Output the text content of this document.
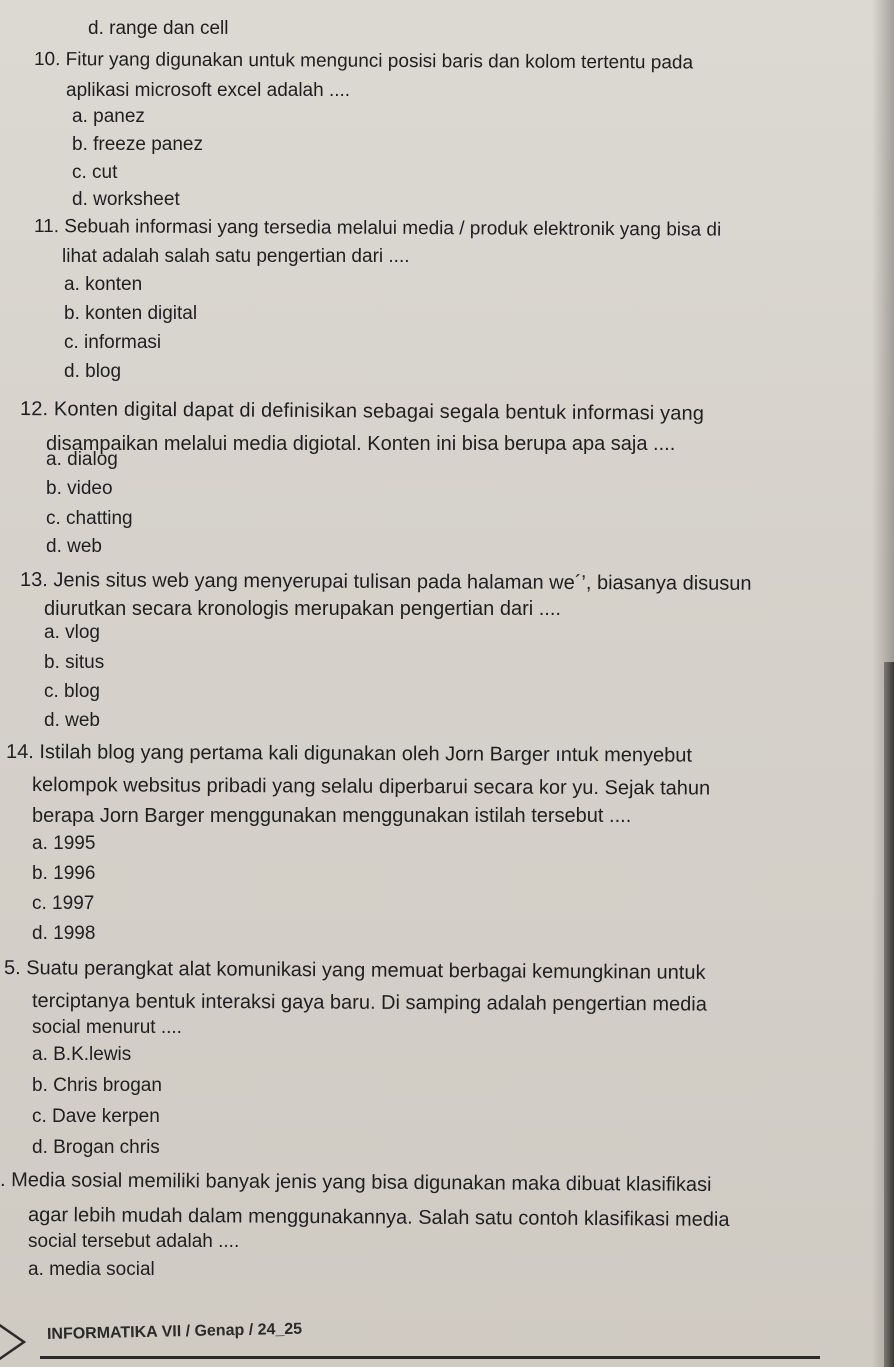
d. range dan cell
10. Fitur yang digunakan untuk mengunci posisi baris dan kolom tertentu pada
aplikasi microsoft excel adalah ....
a. panez
b. freeze panez
c. cut
d. worksheet
11. Sebuah informasi yang tersedia melalui media / produk elektronik yang bisa di
lihat adalah salah satu pengertian dari ....
a. konten
b. konten digital
c. informasi
d. blog
12. Konten digital dapat di definisikan sebagai segala bentuk informasi yang
disampaikan melalui media digiotal. Konten ini bisa berupa apa saja ....
a. dialog
b. video
c. chatting
d. web
13. Jenis situs web yang menyerupai tulisan pada halaman we´’, biasanya disusun
diurutkan secara kronologis merupakan pengertian dari ....
a. vlog
b. situs
c. blog
d. web
14. Istilah blog yang pertama kali digunakan oleh Jorn Barger ıntuk menyebut
kelompok websitus pribadi yang selalu diperbarui secara kor yu. Sejak tahun
berapa Jorn Barger menggunakan menggunakan istilah tersebut ....
a. 1995
b. 1996
c. 1997
d. 1998
5. Suatu perangkat alat komunikasi yang memuat berbagai kemungkinan untuk
terciptanya bentuk interaksi gaya baru. Di samping adalah pengertian media
social menurut ....
a. B.K.lewis
b. Chris brogan
c. Dave kerpen
d. Brogan chris
. Media sosial memiliki banyak jenis yang bisa digunakan maka dibuat klasifikasi
agar lebih mudah dalam menggunakannya. Salah satu contoh klasifikasi media
social tersebut adalah ....
a. media social
INFORMATIKA VII / Genap / 24_25
